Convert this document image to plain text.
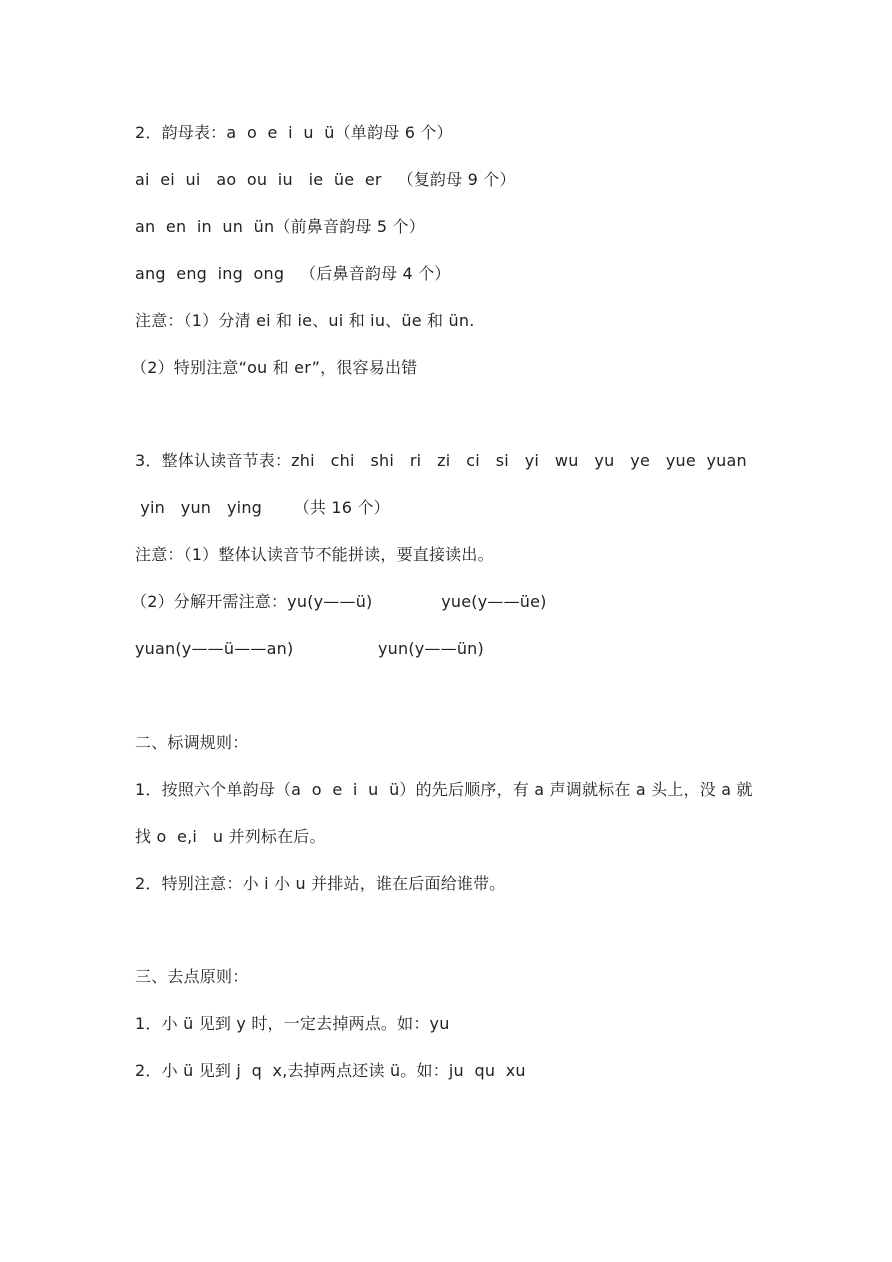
2．韵母表：a  o  e  i  u  ü（单韵母 6 个）
ai  ei  ui   ao  ou  iu   ie  üe  er   （复韵母 9 个）
an  en  in  un  ün（前鼻音韵母 5 个）
ang  eng  ing  ong   （后鼻音韵母 4 个）
注意：（1）分清 ei 和 ie、ui 和 iu、üe 和 ün.
（2）特别注意“ou 和 er”，很容易出错
3．整体认读音节表：zhi   chi   shi   ri   zi   ci   si   yi   wu   yu   ye   yue  yuan
yin   yun   ying      （共 16 个）
注意：（1）整体认读音节不能拼读，要直接读出。
（2）分解开需注意：yu(y——ü)             yue(y——üe)
yuan(y——ü——an)                yun(y——ün)
二、标调规则：
1．按照六个单韵母（a  o  e  i  u  ü）的先后顺序，有 a 声调就标在 a 头上，没 a 就
找 o  e,i   u 并列标在后。
2．特别注意：小 i 小 u 并排站，谁在后面给谁带。
三、去点原则：
1．小 ü 见到 y 时，一定去掉两点。如：yu
2．小 ü 见到 j  q  x,去掉两点还读 ü。如：ju  qu  xu
